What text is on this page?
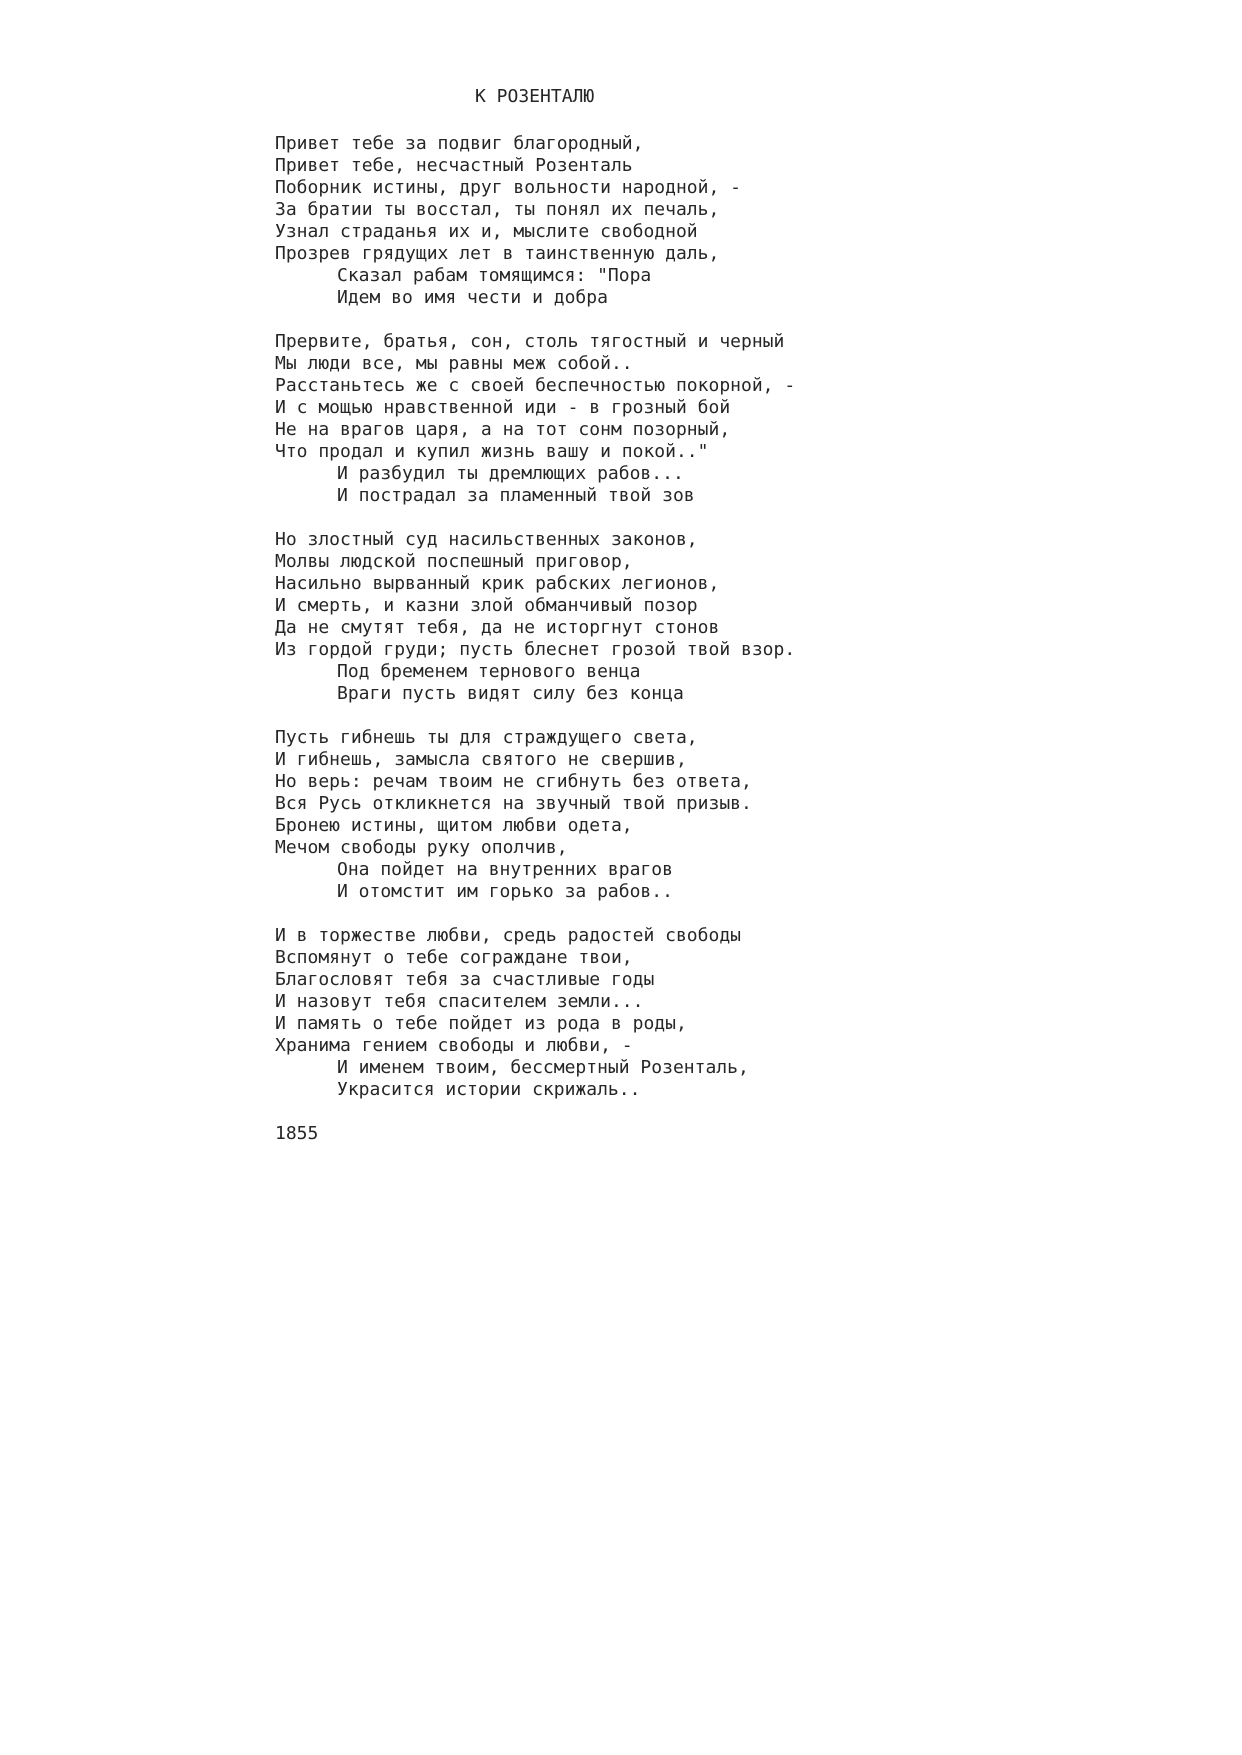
К РОЗЕНТАЛЮ
Привет тебе за подвиг благородный,
Привет тебе, несчастный Розенталь
Поборник истины, друг вольности народной, -
За братии ты восстал, ты понял их печаль,
Узнал страданья их и, мыслите свободной
Прозрев грядущих лет в таинственную даль,
Сказал рабам томящимся: "Пора
Идем во имя чести и добра
Прервите, братья, сон, столь тягостный и черный
Мы люди все, мы равны меж собой..
Расстаньтесь же с своей беспечностью покорной, -
И с мощью нравственной иди - в грозный бой
Не на врагов царя, а на тот сонм позорный,
Что продал и купил жизнь вашу и покой.."
И разбудил ты дремлющих рабов...
И пострадал за пламенный твой зов
Но злостный суд насильственных законов,
Молвы людской поспешный приговор,
Насильно вырванный крик рабских легионов,
И смерть, и казни злой обманчивый позор
Да не смутят тебя, да не исторгнут стонов
Из гордой груди; пусть блеснет грозой твой взор.
Под бременем тернового венца
Враги пусть видят силу без конца
Пусть гибнешь ты для страждущего света,
И гибнешь, замысла святого не свершив,
Но верь: речам твоим не сгибнуть без ответа,
Вся Русь откликнется на звучный твой призыв.
Бронею истины, щитом любви одета,
Мечом свободы руку ополчив,
Она пойдет на внутренних врагов
И отомстит им горько за рабов..
И в торжестве любви, средь радостей свободы
Вспомянут о тебе сограждане твои,
Благословят тебя за счастливые годы
И назовут тебя спасителем земли...
И память о тебе пойдет из рода в роды,
Хранима гением свободы и любви, -
И именем твоим, бессмертный Розенталь,
Украсится истории скрижаль..
1855
